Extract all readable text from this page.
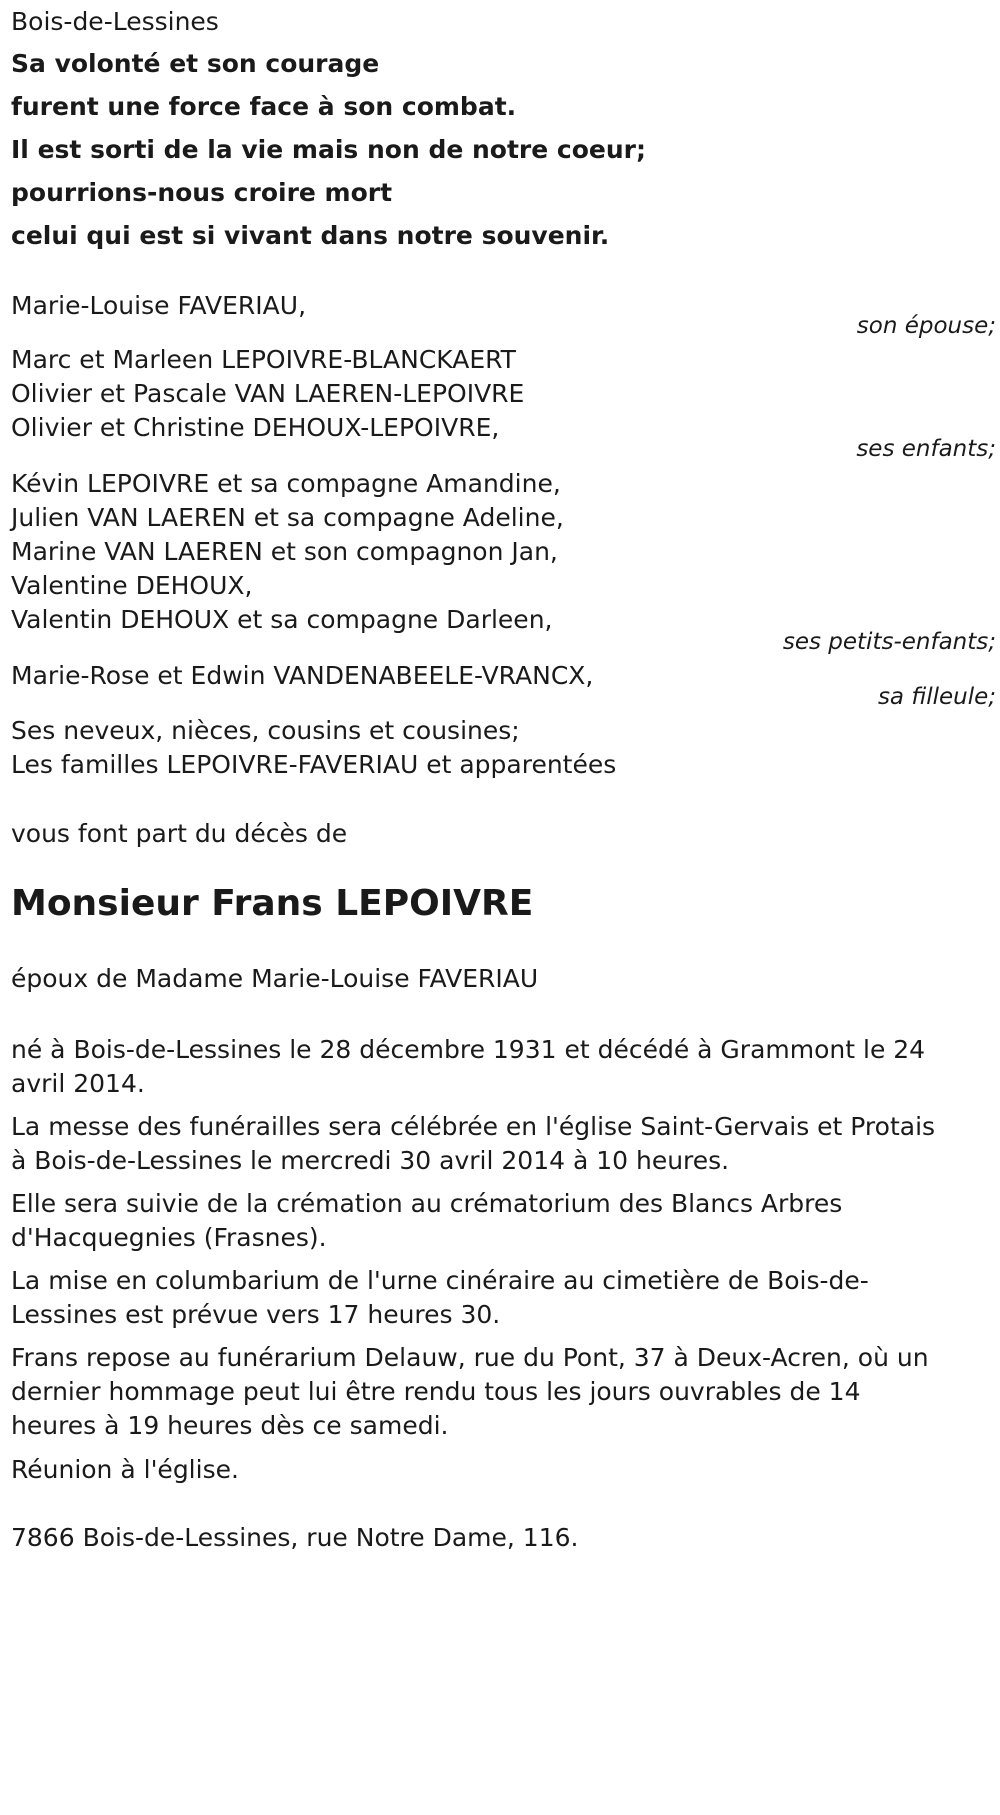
Bois-de-Lessines
Sa volonté et son courage
furent une force face à son combat.
Il est sorti de la vie mais non de notre coeur;
pourrions-nous croire mort
celui qui est si vivant dans notre souvenir.
Marie-Louise FAVERIAU,
son épouse;
Marc et Marleen LEPOIVRE-BLANCKAERT
Olivier et Pascale VAN LAEREN-LEPOIVRE
Olivier et Christine DEHOUX-LEPOIVRE,
ses enfants;
Kévin LEPOIVRE et sa compagne Amandine,
Julien VAN LAEREN et sa compagne Adeline,
Marine VAN LAEREN et son compagnon Jan,
Valentine DEHOUX,
Valentin DEHOUX et sa compagne Darleen,
ses petits-enfants;
Marie-Rose et Edwin VANDENABEELE-VRANCX,
sa filleule;
Ses neveux, nièces, cousins et cousines;
Les familles LEPOIVRE-FAVERIAU et apparentées
vous font part du décès de
Monsieur Frans LEPOIVRE
époux de Madame Marie-Louise FAVERIAU
né à Bois-de-Lessines le 28 décembre 1931 et décédé à Grammont le 24
avril 2014.
La messe des funérailles sera célébrée en l'église Saint-Gervais et Protais
à Bois-de-Lessines le mercredi 30 avril 2014 à 10 heures.
Elle sera suivie de la crémation au crématorium des Blancs Arbres
d'Hacquegnies (Frasnes).
La mise en columbarium de l'urne cinéraire au cimetière de Bois-de-
Lessines est prévue vers 17 heures 30.
Frans repose au funérarium Delauw, rue du Pont, 37 à Deux-Acren, où un
dernier hommage peut lui être rendu tous les jours ouvrables de 14
heures à 19 heures dès ce samedi.
Réunion à l'église.
7866 Bois-de-Lessines, rue Notre Dame, 116.
